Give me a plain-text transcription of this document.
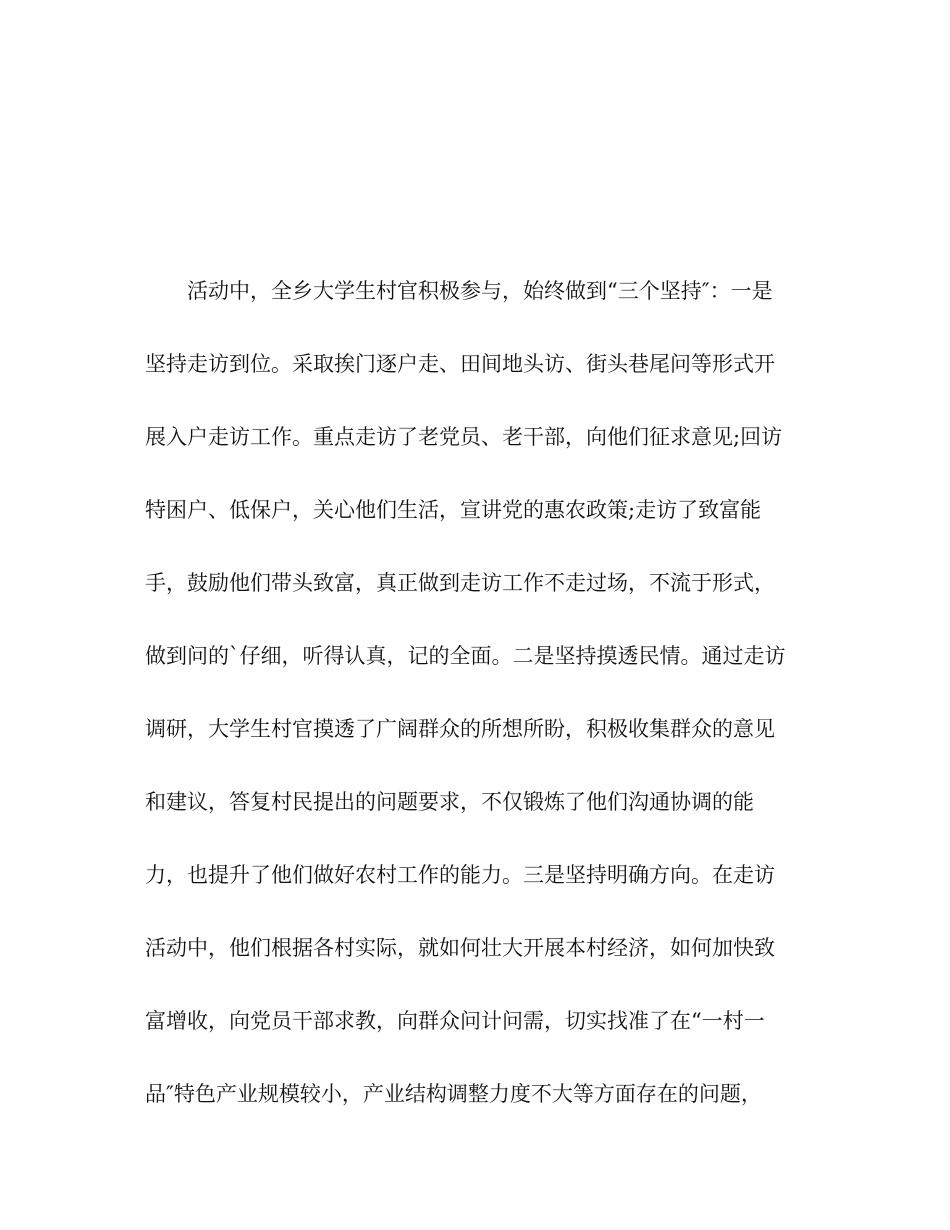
活动中，全乡大学生村官积极参与，始终做到“三个坚持″：一是
坚持走访到位。采取挨门逐户走、田间地头访、街头巷尾问等形式开
展入户走访工作。重点走访了老党员、老干部，向他们征求意见;回访
特困户、低保户，关心他们生活，宣讲党的惠农政策;走访了致富能
手，鼓励他们带头致富，真正做到走访工作不走过场，不流于形式，
做到问的`仔细，听得认真，记的全面。二是坚持摸透民情。通过走访
调研，大学生村官摸透了广阔群众的所想所盼，积极收集群众的意见
和建议，答复村民提出的问题要求，不仅锻炼了他们沟通协调的能
力，也提升了他们做好农村工作的能力。三是坚持明确方向。在走访
活动中，他们根据各村实际，就如何壮大开展本村经济，如何加快致
富增收，向党员干部求教，向群众问计问需，切实找准了在“一村一
品″特色产业规模较小，产业结构调整力度不大等方面存在的问题，
